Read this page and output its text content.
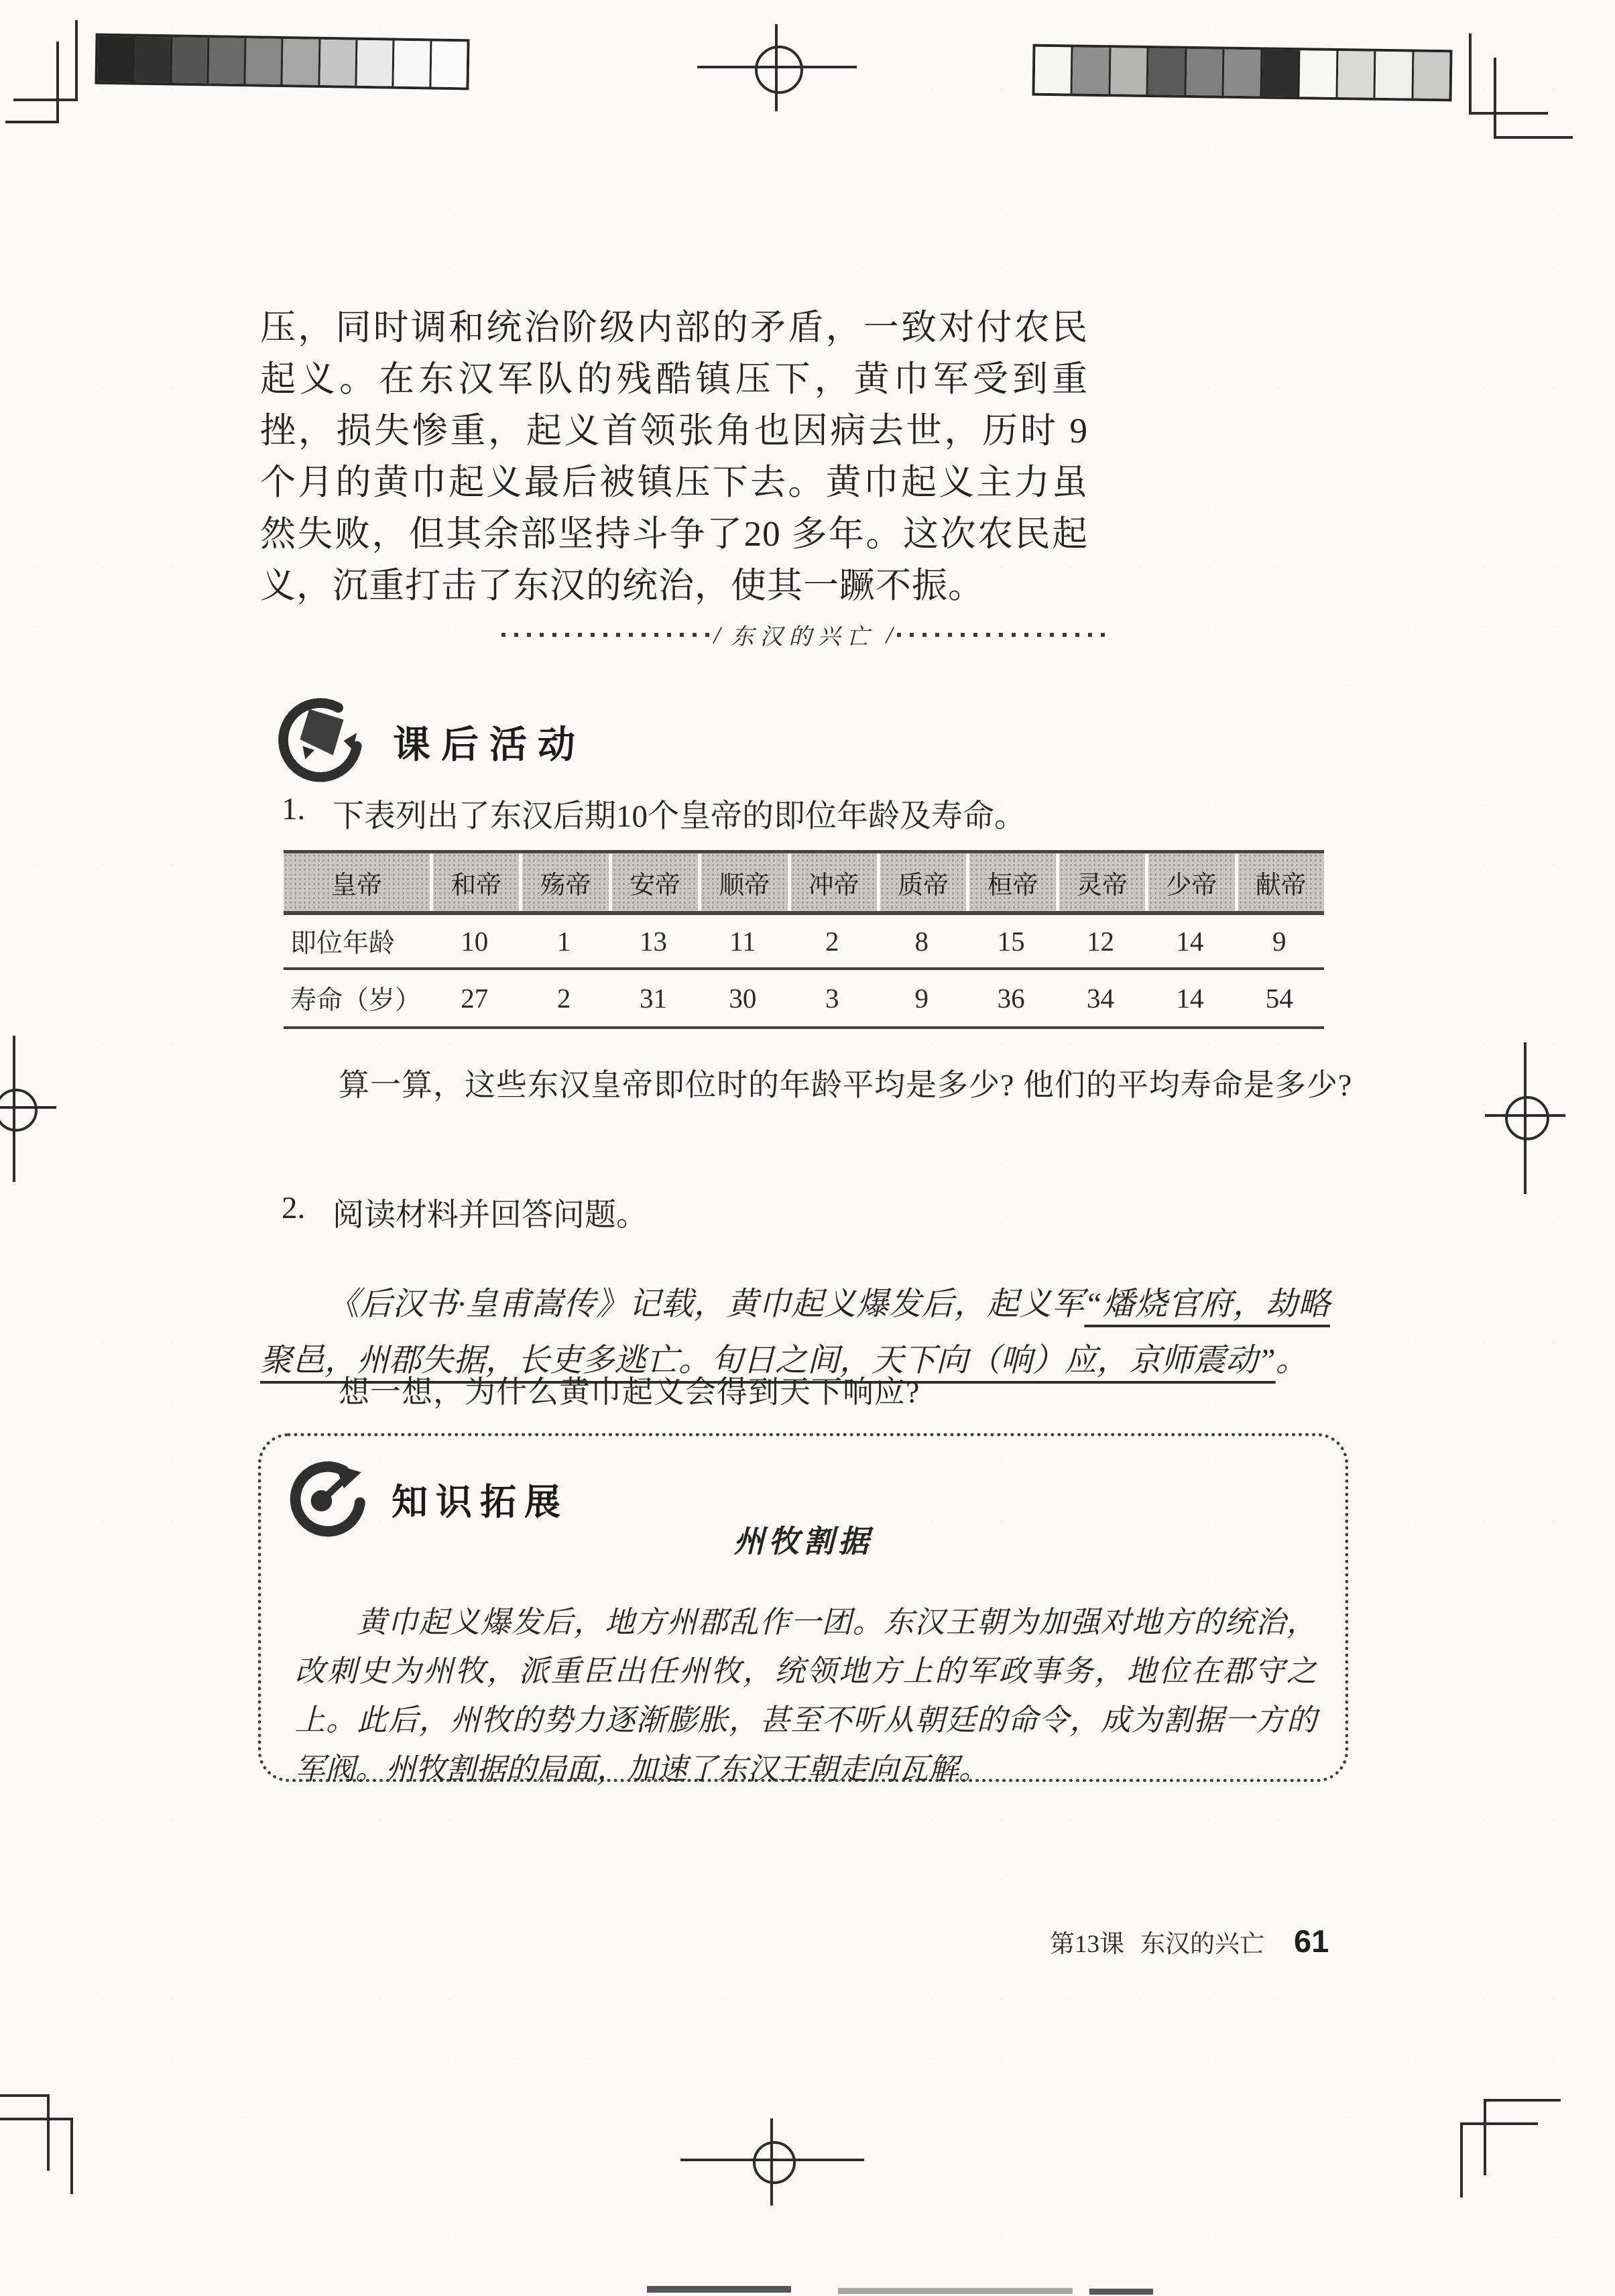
压，同时调和统治阶级内部的矛盾，一致对付农民起义。在东汉军队的残酷镇压下，黄巾军受到重挫，损失惨重，起义首领张角也因病去世，历时 9 个月的黄巾起义最后被镇压下去。黄巾起义主力虽然失败，但其余部坚持斗争了20 多年。这次农民起义，沉重打击了东汉的统治，使其一蹶不振。

/ 东汉的兴亡 /
课后活动
1. 下表列出了东汉后期10个皇帝的即位年龄及寿命。
皇帝	和帝	殇帝	安帝	顺帝	冲帝	质帝	桓帝	灵帝	少帝	献帝
即位年龄	10	1	13	11	2	8	15	12	14	9
寿命（岁）	27	2	31	30	3	9	36	34	14	54
算一算，这些东汉皇帝即位时的年龄平均是多少? 他们的平均寿命是多少?
2. 阅读材料并回答问题。

《后汉书·皇甫嵩传》记载，黄巾起义爆发后，起义军“燔烧官府，劫略聚邑，州郡失据，长吏多逃亡。旬日之间，天下向（响）应，京师震动”。

想一想，为什么黄巾起义会得到天下响应?
知识拓展
州牧割据

黄巾起义爆发后，地方州郡乱作一团。东汉王朝为加强对地方的统治，改刺史为州牧，派重臣出任州牧，统领地方上的军政事务，地位在郡守之上。此后，州牧的势力逐渐膨胀，甚至不听从朝廷的命令，成为割据一方的军阀。州牧割据的局面，加速了东汉王朝走向瓦解。

第13课 东汉的兴亡 61
